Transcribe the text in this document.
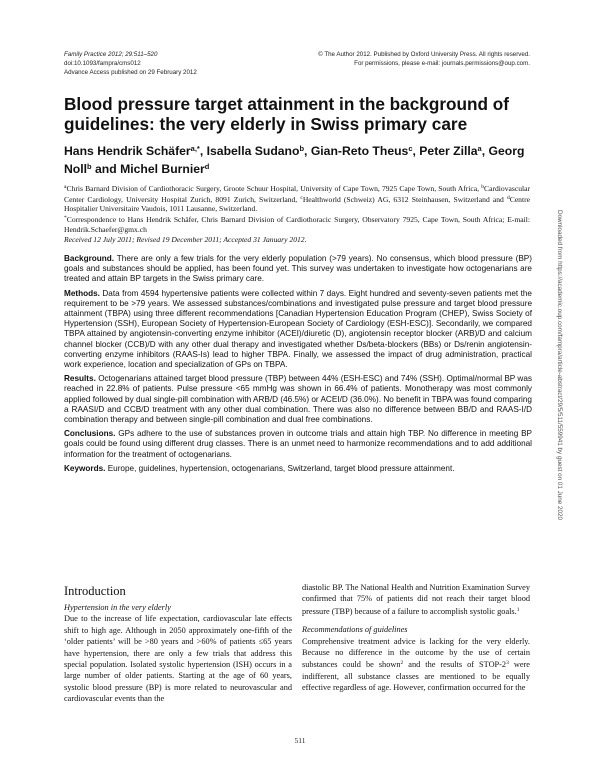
Family Practice 2012; 29:511–520
doi:10.1093/fampra/cms012
Advance Access published on 29 February 2012
© The Author 2012. Published by Oxford University Press. All rights reserved.
For permissions, please e-mail: journals.permissions@oup.com.
Blood pressure target attainment in the background of guidelines: the very elderly in Swiss primary care
Hans Hendrik Schäfer$^{a,*}$, Isabella Sudano$^b$, Gian-Reto Theus$^c$, Peter Zilla$^a$, Georg Noll$^b$ and Michel Burnier$^d$
$^a$Chris Barnard Division of Cardiothoracic Surgery, Groote Schuur Hospital, University of Cape Town, 7925 Cape Town, South Africa, $^b$Cardiovascular Center Cardiology, University Hospital Zurich, 8091 Zurich, Switzerland, $^c$Healthworld (Schweiz) AG, 6312 Steinhausen, Switzerland and $^d$Centre Hospitalier Universitaire Vaudois, 1011 Lausanne, Switzerland.
*Correspondence to Hans Hendrik Schäfer, Chris Barnard Division of Cardiothoracic Surgery, Observatory 7925, Cape Town, South Africa; E-mail: Hendrik.Schaefer@gmx.ch
Received 12 July 2011; Revised 19 December 2011; Accepted 31 January 2012.	Downloaded from https://academic.oup.com/fampra/article-abstract/29/5/511/559941 by guest on 01 June 2020

Background. There are only a few trials for the very elderly population (>79 years). No consensus, which blood pressure (BP) goals and substances should be applied, has been found yet. This survey was undertaken to investigate how octogenarians are treated and attain BP targets in the Swiss primary care.

Methods. Data from 4594 hypertensive patients were collected within 7 days. Eight hundred and seventy-seven patients met the requirement to be >79 years. We assessed substances/combinations and investigated pulse pressure and target blood pressure attainment (TBPA) using three different recommendations [Canadian Hypertension Education Program (CHEP), Swiss Society of Hypertension (SSH), European Society of Hypertension-European Society of Cardiology (ESH-ESC)]. Secondarily, we compared TBPA attained by angiotensin-converting enzyme inhibitor (ACEI)/diuretic (D), angiotensin receptor blocker (ARB)/D and calcium channel blocker (CCB)/D with any other dual therapy and investigated whether Ds/beta-blockers (BBs) or Ds/renin angiotensin-converting enzyme inhibitors (RAAS-Is) lead to higher TBPA. Finally, we assessed the impact of drug administration, practical work experience, location and specialization of GPs on TBPA.

Results. Octogenarians attained target blood pressure (TBP) between 44% (ESH-ESC) and 74% (SSH). Optimal/normal BP was reached in 22.8% of patients. Pulse pressure <65 mmHg was shown in 66.4% of patients. Monotherapy was most commonly applied followed by dual single-pill combination with ARB/D (46.5%) or ACEI/D (36.0%). No benefit in TBPA was found comparing a RAASI/D and CCB/D treatment with any other dual combination. There was also no difference between BB/D and RAAS-I/D combination therapy and between single-pill combination and dual free combinations.

Conclusions. GPs adhere to the use of substances proven in outcome trials and attain high TBP. No difference in meeting BP goals could be found using different drug classes. There is an unmet need to harmonize recommendations and to add additional information for the treatment of octogenarians.

Keywords. Europe, guidelines, hypertension, octogenarians, Switzerland, target blood pressure attainment.

Introduction

Hypertension in the very elderly

Due to the increase of life expectation, cardiovascular late effects shift to high age. Although in 2050 approximately one-fifth of the ‘older patients’ will be >80 years and >60% of patients ≤65 years have hypertension, there are only a few trials that address this special population. Isolated systolic hypertension (ISH) occurs in a large number of older patients. Starting at the age of 60 years, systolic blood pressure (BP) is more related to neurovascular and cardiovascular events than the

diastolic BP. The National Health and Nutrition Examination Survey confirmed that 75% of patients did not reach their target blood pressure (TBP) because of a failure to accomplish systolic goals.$^1$

Recommendations of guidelines

Comprehensive treatment advice is lacking for the very elderly. Because no difference in the outcome by the use of certain substances could be shown$^2$ and the results of STOP-2$^3$ were indifferent, all substance classes are mentioned to be equally effective regardless of age. However, confirmation occurred for the

511
